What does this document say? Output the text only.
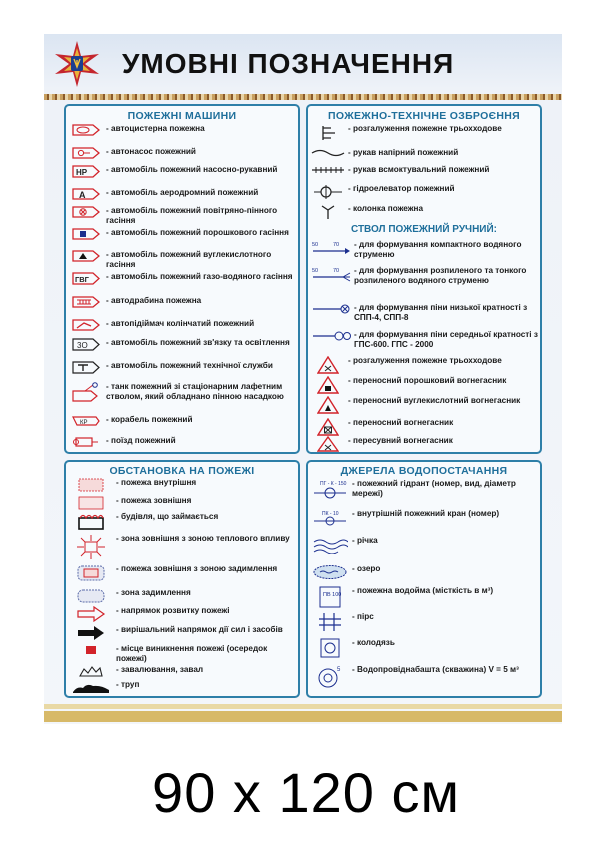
УМОВНІ ПОЗНАЧЕННЯ
ПОЖЕЖНІ МАШИНИ
- автоцистерна пожежна
- автонасос пожежний
НР	- автомобіль пожежний насосно-рукавний
А	- автомобіль аеродромний пожежний
- автомобіль пожежний повітряно-пінного гасіння
- автомобіль пожежний порошкового гасіння
- автомобіль пожежний вуглекислотного гасіння
ГВГ	- автомобіль пожежний газо-водяного гасіння
- автодрабина пожежна
- автопідіймач колінчатий пожежний
3О	- автомобіль пожежний зв'язку та освітлення
- автомобіль пожежний технічної служби
- танк пожежний зі стаціонарним лафетним стволом, який обладнано пінною насадкою
КР	- корабель пожежний
- поїзд пожежний
ПОЖЕЖНО-ТЕХНІЧНЕ ОЗБРОЄННЯ
- розгалуження пожежне трьохходове
- рукав напірний пожежний
- рукав всмоктувальний пожежний
- гідроелеватор пожежний
- колонка пожежна
СТВОЛ ПОЖЕЖНИЙ РУЧНИЙ:
50	70	- для формування компактного водяного струменю
50	70	- для формування розпиленого та тонкого розпиленого водяного струменю
- для формування піни низької кратності з СПП-4, СПП-8
- для формування піни середньої кратності з ГПС-600. ГПС - 2000
- розгалуження пожежне трьохходове
- переносний порошковий вогнегасник
- переносний вуглекислотний вогнегасник
- переносний вогнегасник
- пересувний вогнегасник
ОБСТАНОВКА НА ПОЖЕЖІ
- пожежа внутрішня
- пожежа зовнішня
- будівля, що займається
- зона зовнішня з зоною теплового впливу
- пожежа зовнішня з зоною задимлення
- зона задимлення
- напрямок розвитку пожежі
- вирішальний напрямок дії сил і засобів
- місце виникнення пожежі (осередок пожежі)
- завалювання, завал
- труп
ДЖЕРЕЛА ВОДОПОСТАЧАННЯ
ПГ - К - 150	- пожежний гідрант (номер, вид, діаметр мережі)
ПК - 10	- внутрішній пожежний кран (номер)
- річка
- озеро
ПВ 100	- пожежна водойма (місткість в м³)
- пірс
- колодязь
5	- Водопровіднабашта (скважина) V = 5 м³
90 х 120 см
